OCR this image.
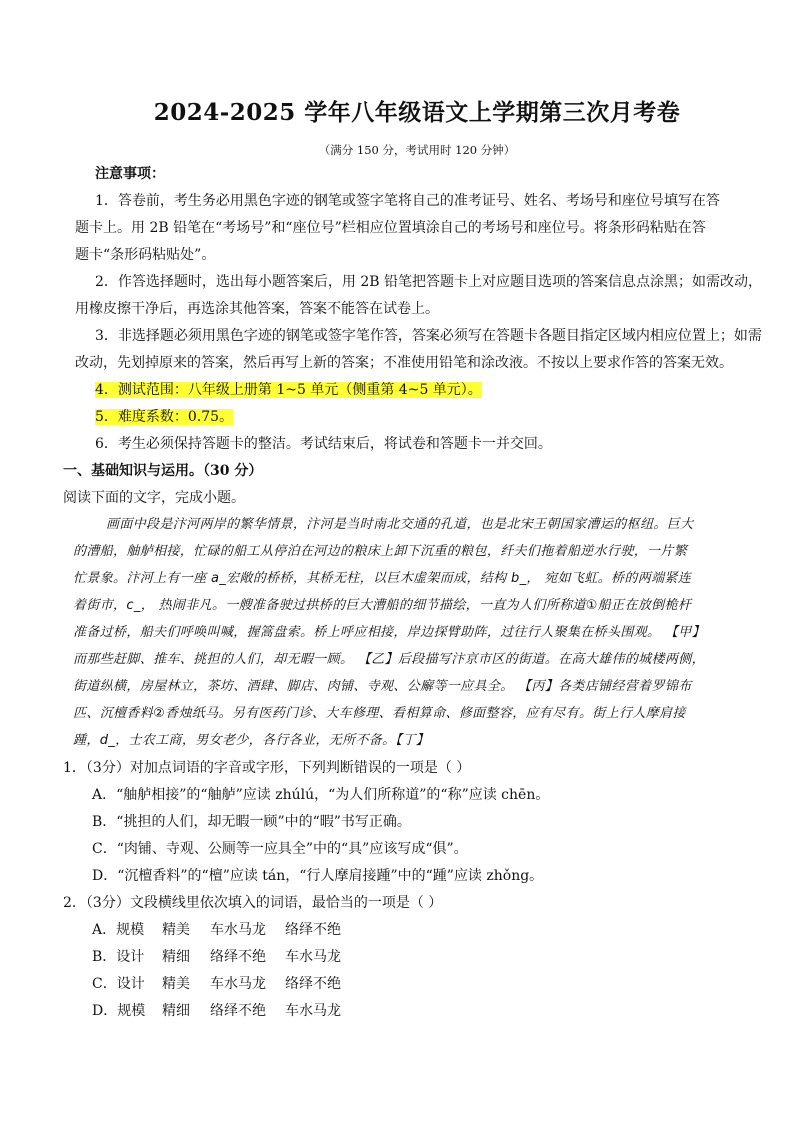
2024-2025 学年八年级语文上学期第三次月考卷
（满分 150 分，考试用时 120 分钟）
注意事项：
1．答卷前，考生务必用黑色字迹的钢笔或签字笔将自己的准考证号、姓名、考场号和座位号填写在答
题卡上。用 2B 铅笔在“考场号”和“座位号”栏相应位置填涂自己的考场号和座位号。将条形码粘贴在答
题卡“条形码粘贴处”。
2．作答选择题时，选出每小题答案后，用 2B 铅笔把答题卡上对应题目选项的答案信息点涂黑；如需改动，
用橡皮擦干净后，再选涂其他答案，答案不能答在试卷上。
3．非选择题必须用黑色字迹的钢笔或签字笔作答，答案必须写在答题卡各题目指定区域内相应位置上；如需
改动，先划掉原来的答案，然后再写上新的答案；不准使用铅笔和涂改液。不按以上要求作答的答案无效。
4．测试范围：八年级上册第 1~5 单元（侧重第 4~5 单元）。
5．难度系数：0.75。
6．考生必须保持答题卡的整洁。考试结束后，将试卷和答题卡一并交回。
一、基础知识与运用。（30 分）
阅读下面的文字，完成小题。
画面中段是汴河两岸的繁华情景，汴河是当时南北交通的孔道，也是北宋王朝国家漕运的枢纽。巨大
的漕船，舳舻相接，忙碌的船工从停泊在河边的粮床上卸下沉重的粮包，纤夫们拖着船逆水行驶，一片繁
忙景象。汴河上有一座 a_宏敞的桥桥，其桥无柱，以巨木虚架而成，结构 b_， 宛如飞虹。桥的两端紧连
着街市，c_， 热闹非凡。一艘准备驶过拱桥的巨大漕船的细节描绘，一直为人们所称道①船正在放倒桅杆
准备过桥，船夫们呼唤叫喊，握篙盘索。桥上呼应相接，岸边探臂助阵，过往行人聚集在桥头围观。 【甲】
而那些赶脚、推车、挑担的人们，却无暇一顾。 【乙】后段描写汴京市区的街道。在高大雄伟的城楼两侧，
街道纵横，房屋林立，茶坊、酒肆、脚店、肉铺、寺观、公廨等一应具全。 【丙】各类店铺经营着罗锦布
匹、沉檀香料②香烛纸马。另有医药门诊、大车修理、看相算命、修面整容，应有尽有。街上行人摩肩接
踵，d_，士农工商，男女老少，各行各业，无所不备。【丁】
1．（3分）对加点词语的字音或字形，下列判断错误的一项是（ ）
A．“舳舻相接”的“舳舻”应读 zhúlú，“为人们所称道”的“称”应读 chēn。
B．“挑担的人们，却无暇一顾”中的“暇”书写正确。
C．“肉铺、寺观、公厕等一应具全”中的“具”应该写成“俱”。
D．“沉檀香料”的“檀”应读 tán，“行人摩肩接踵”中的“踵”应读 zhǒng。
2．（3分）文段横线里依次填入的词语，最恰当的一项是（ ）
A．规模 精美 车水马龙 络绎不绝
B．设计 精细 络绎不绝 车水马龙
C．设计 精美 车水马龙 络绎不绝
D．规模 精细 络绎不绝 车水马龙
